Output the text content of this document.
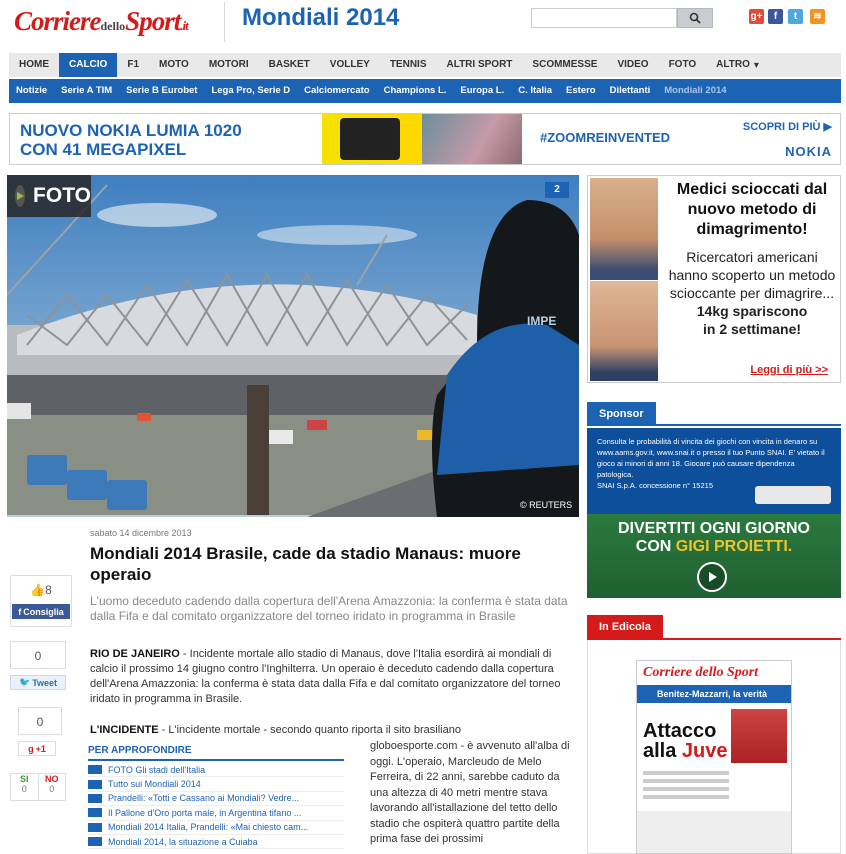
CorrieredelloSport.it Mondiali 2014	g+	f	t	≋
HOME	CALCIO	F1	MOTO	MOTORI	BASKET	VOLLEY	TENNIS	ALTRI SPORT	SCOMMESSE	VIDEO	FOTO	ALTRO ▾
Notizie	Serie A TIM	Serie B Eurobet	Lega Pro, Serie D	Calciomercato	Champions L.	Europa L.	C. Italia	Estero	Dilettanti	Mondiali 2014
NUOVO NOKIA LUMIA 1020
CON 41 MEGAPIXEL
#ZOOMREINVENTED
SCOPRI DI PIÙ ▶
NOKIA
IMPE
FOTO	2
© REUTERS
👍8
f Consiglia
0
🐦 Tweet
0
g +1
SI
0
NO
0
sabato 14 dicembre 2013
Mondiali 2014 Brasile, cade da stadio Manaus: muore operaio

L'uomo deceduto cadendo dalla copertura dell'Arena Amazzonia: la conferma è stata data dalla Fifa e dal comitato organizzatore del torneo iridato in programma in Brasile

RIO DE JANEIRO - Incidente mortale allo stadio di Manaus, dove l'Italia esordirà ai mondiali di calcio il prossimo 14 giugno contro l'Inghilterra. Un operaio è deceduto cadendo dalla copertura dell'Arena Amazzonia: la conferma è stata data dalla Fifa e dal comitato organizzatore del torneo iridato in programma in Brasile.

L'INCIDENTE - L'incidente mortale - secondo quanto riporta il sito brasiliano

globoesporte.com - è avvenuto all'alba di oggi. L'operaio, Marcleudo de Melo Ferreira, di 22 anni, sarebbe caduto da una altezza di 40 metri mentre stava lavorando all'istallazione del tetto dello stadio che ospiterà quattro partite della prima fase dei prossimi

PER APPROFONDIRE
FOTO Gli stadi dell'Italia
Tutto sui Mondiali 2014
Prandelli: «Totti e Cassano ai Mondiali? Vedre...
Il Pallone d'Oro porta male, in Argentina tifano ...
Mondiali 2014 Italia, Prandelli: «Mai chiesto cam...
Mondiali 2014, la situazione a Cuiaba
Medici scioccati dal nuovo metodo di dimagrimento!
Ricercatori americani hanno scoperto un metodo scioccante per dimagrire...
14kg spariscono
in 2 settimane!
Leggi di più >>
Sponsor
Consulta le probabilità di vincita dei giochi con vincita in denaro su www.aams.gov.it, www.snai.it o presso il tuo Punto SNAI. E' vietato il gioco ai minori di anni 18. Giocare può causare dipendenza patologica.
SNAI S.p.A. concessione n° 15215
DIVERTITI OGNI GIORNO
CON GIGI PROIETTI.
In Edicola
Corriere dello Sport
Benitez-Mazzarri, la verità
Attacco
alla Juve
